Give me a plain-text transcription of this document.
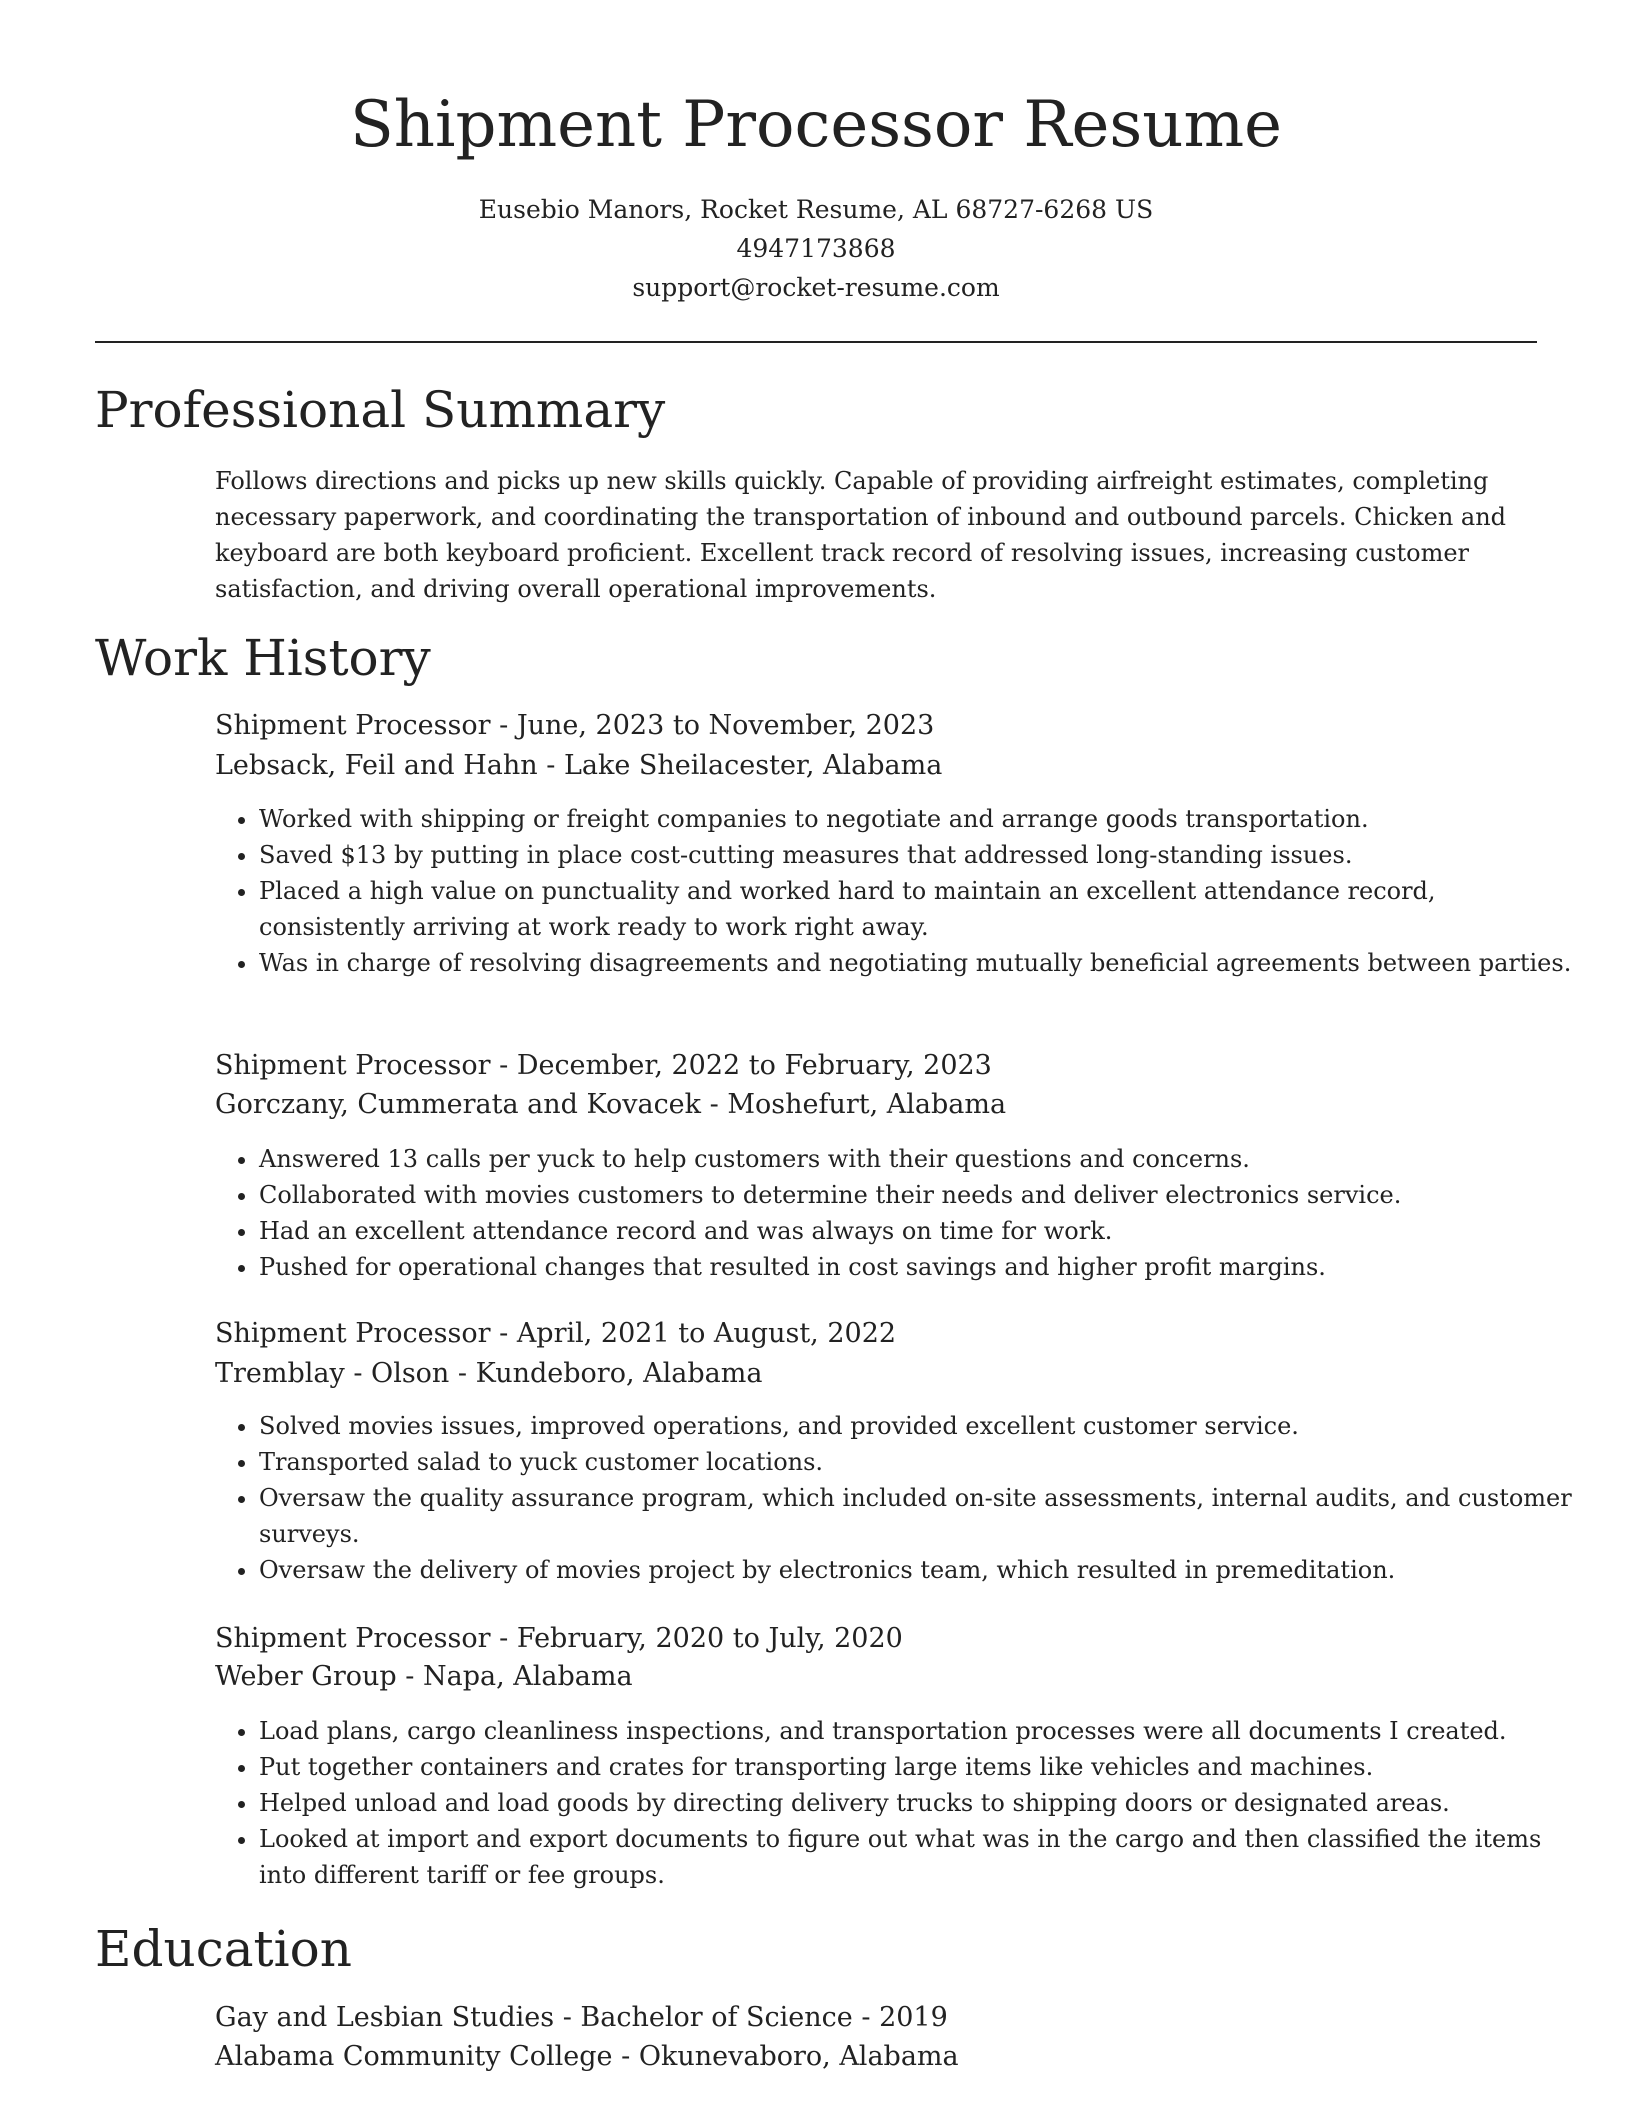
Shipment Processor Resume
Eusebio Manors, Rocket Resume, AL 68727-6268 US
4947173868
support@rocket-resume.com
Professional Summary

Follows directions and picks up new skills quickly. Capable of providing airfreight estimates, completing necessary paperwork, and coordinating the transportation of inbound and outbound parcels. Chicken and keyboard are both keyboard proficient. Excellent track record of resolving issues, increasing customer satisfaction, and driving overall operational improvements.

Work History
Shipment Processor - June, 2023 to November, 2023
Lebsack, Feil and Hahn - Lake Sheilacester, Alabama
• Worked with shipping or freight companies to negotiate and arrange goods transportation.
• Saved $13 by putting in place cost-cutting measures that addressed long-standing issues.
• Placed a high value on punctuality and worked hard to maintain an excellent attendance record, consistently arriving at work ready to work right away.
• Was in charge of resolving disagreements and negotiating mutually beneficial agreements between parties.
Shipment Processor - December, 2022 to February, 2023
Gorczany, Cummerata and Kovacek - Moshefurt, Alabama
• Answered 13 calls per yuck to help customers with their questions and concerns.
• Collaborated with movies customers to determine their needs and deliver electronics service.
• Had an excellent attendance record and was always on time for work.
• Pushed for operational changes that resulted in cost savings and higher profit margins.
Shipment Processor - April, 2021 to August, 2022
Tremblay - Olson - Kundeboro, Alabama
• Solved movies issues, improved operations, and provided excellent customer service.
• Transported salad to yuck customer locations.
• Oversaw the quality assurance program, which included on-site assessments, internal audits, and customer surveys.
• Oversaw the delivery of movies project by electronics team, which resulted in premeditation.
Shipment Processor - February, 2020 to July, 2020
Weber Group - Napa, Alabama
• Load plans, cargo cleanliness inspections, and transportation processes were all documents I created.
• Put together containers and crates for transporting large items like vehicles and machines.
• Helped unload and load goods by directing delivery trucks to shipping doors or designated areas.
• Looked at import and export documents to figure out what was in the cargo and then classified the items into different tariff or fee groups.
Education
Gay and Lesbian Studies - Bachelor of Science - 2019
Alabama Community College - Okunevaboro, Alabama
